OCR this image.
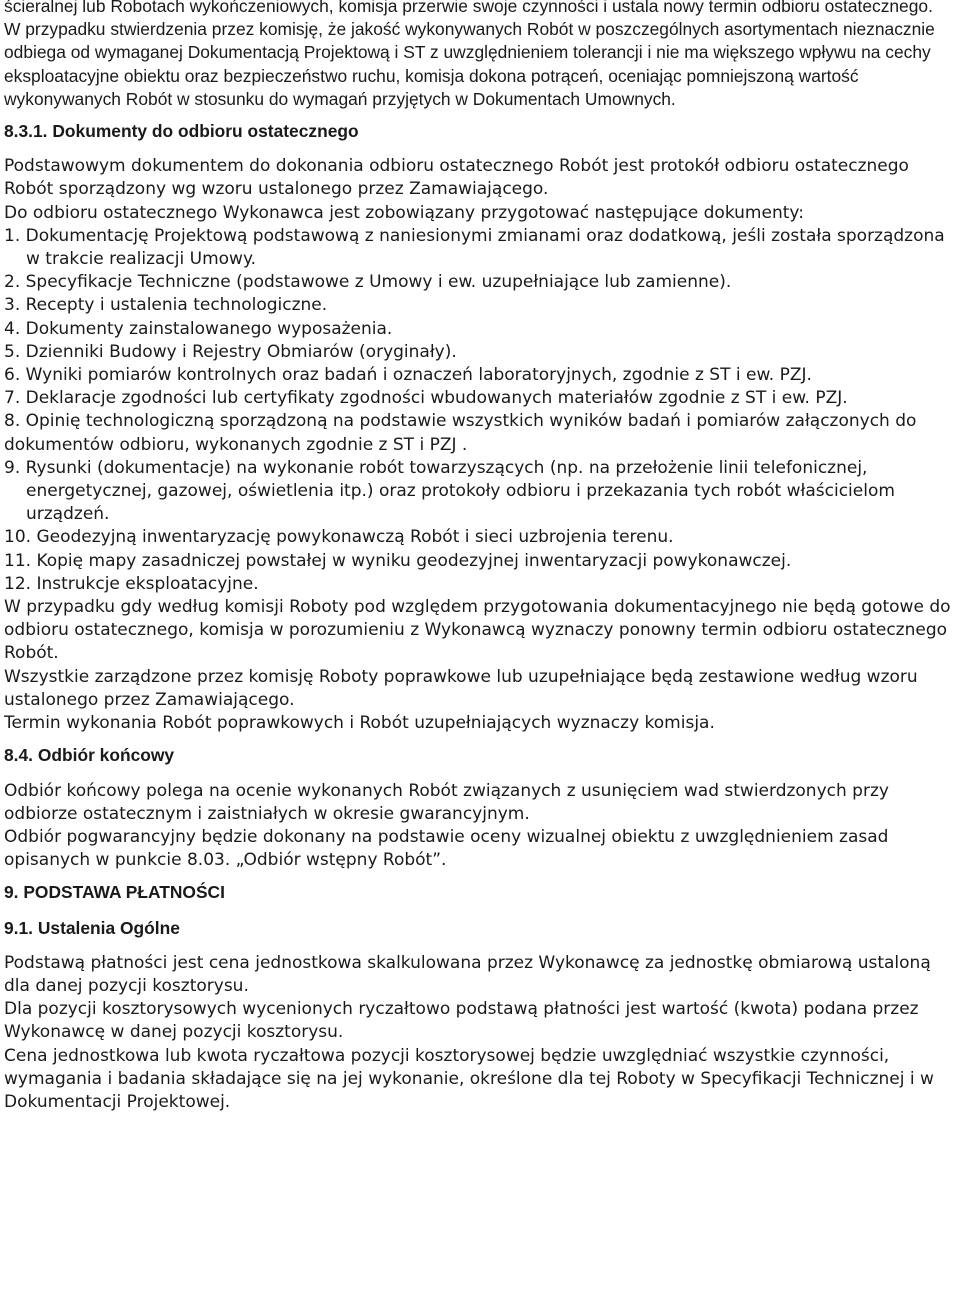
ścieralnej lub Robotach wykończeniowych, komisja przerwie swoje czynności i ustala nowy termin odbioru ostatecznego.

W przypadku stwierdzenia przez komisję, że jakość wykonywanych Robót w poszczególnych asortymentach nieznacznie odbiega od wymaganej Dokumentacją Projektową i ST z uwzględnieniem tolerancji i nie ma większego wpływu na cechy eksploatacyjne obiektu oraz bezpieczeństwo ruchu, komisja dokona potrąceń, oceniając pomniejszoną wartość wykonywanych Robót w stosunku do wymagań przyjętych w Dokumentach Umownych.

8.3.1. Dokumenty do odbioru ostatecznego

Podstawowym dokumentem do dokonania odbioru ostatecznego Robót jest protokół odbioru ostatecznego Robót sporządzony wg wzoru ustalonego przez Zamawiającego.

Do odbioru ostatecznego Wykonawca jest zobowiązany przygotować następujące dokumenty:

1. Dokumentację Projektową podstawową z naniesionymi zmianami oraz dodatkową, jeśli została sporządzona w trakcie realizacji Umowy.
2. Specyfikacje Techniczne (podstawowe z Umowy i ew. uzupełniające lub zamienne).
3. Recepty i ustalenia technologiczne.
4. Dokumenty zainstalowanego wyposażenia.
5. Dzienniki Budowy i Rejestry Obmiarów (oryginały).
6. Wyniki pomiarów kontrolnych oraz badań i oznaczeń laboratoryjnych, zgodnie z ST i ew. PZJ.
7. Deklaracje zgodności lub certyfikaty zgodności wbudowanych materiałów zgodnie z ST i ew. PZJ.

8. Opinię technologiczną sporządzoną na podstawie wszystkich wyników badań i pomiarów załączonych do dokumentów odbioru, wykonanych zgodnie z ST i PZJ .

9. Rysunki (dokumentacje) na wykonanie robót towarzyszących (np. na przełożenie linii telefonicznej, energetycznej, gazowej, oświetlenia itp.) oraz protokoły odbioru i przekazania tych robót właścicielom urządzeń.
10. Geodezyjną inwentaryzację powykonawczą Robót i sieci uzbrojenia terenu.
11. Kopię mapy zasadniczej powstałej w wyniku geodezyjnej inwentaryzacji powykonawczej.
12. Instrukcje eksploatacyjne.

W przypadku gdy według komisji Roboty pod względem przygotowania dokumentacyjnego nie będą gotowe do odbioru ostatecznego, komisja w porozumieniu z Wykonawcą wyznaczy ponowny termin odbioru ostatecznego Robót.

Wszystkie zarządzone przez komisję Roboty poprawkowe lub uzupełniające będą zestawione według wzoru ustalonego przez Zamawiającego.

Termin wykonania Robót poprawkowych i Robót uzupełniających wyznaczy komisja.

8.4. Odbiór końcowy

Odbiór końcowy polega na ocenie wykonanych Robót związanych z usunięciem wad stwierdzonych przy odbiorze ostatecznym i zaistniałych w okresie gwarancyjnym.

Odbiór pogwarancyjny będzie dokonany na podstawie oceny wizualnej obiektu z uwzględnieniem zasad opisanych w punkcie 8.03. „Odbiór wstępny Robót”.

9. PODSTAWA PŁATNOŚCI
9.1. Ustalenia Ogólne

Podstawą płatności jest cena jednostkowa skalkulowana przez Wykonawcę za jednostkę obmiarową ustaloną dla danej pozycji kosztorysu.

Dla pozycji kosztorysowych wycenionych ryczałtowo podstawą płatności jest wartość (kwota) podana przez Wykonawcę w danej pozycji kosztorysu.

Cena jednostkowa lub kwota ryczałtowa pozycji kosztorysowej będzie uwzględniać wszystkie czynności, wymagania i badania składające się na jej wykonanie, określone dla tej Roboty w Specyfikacji Technicznej i w Dokumentacji Projektowej.
